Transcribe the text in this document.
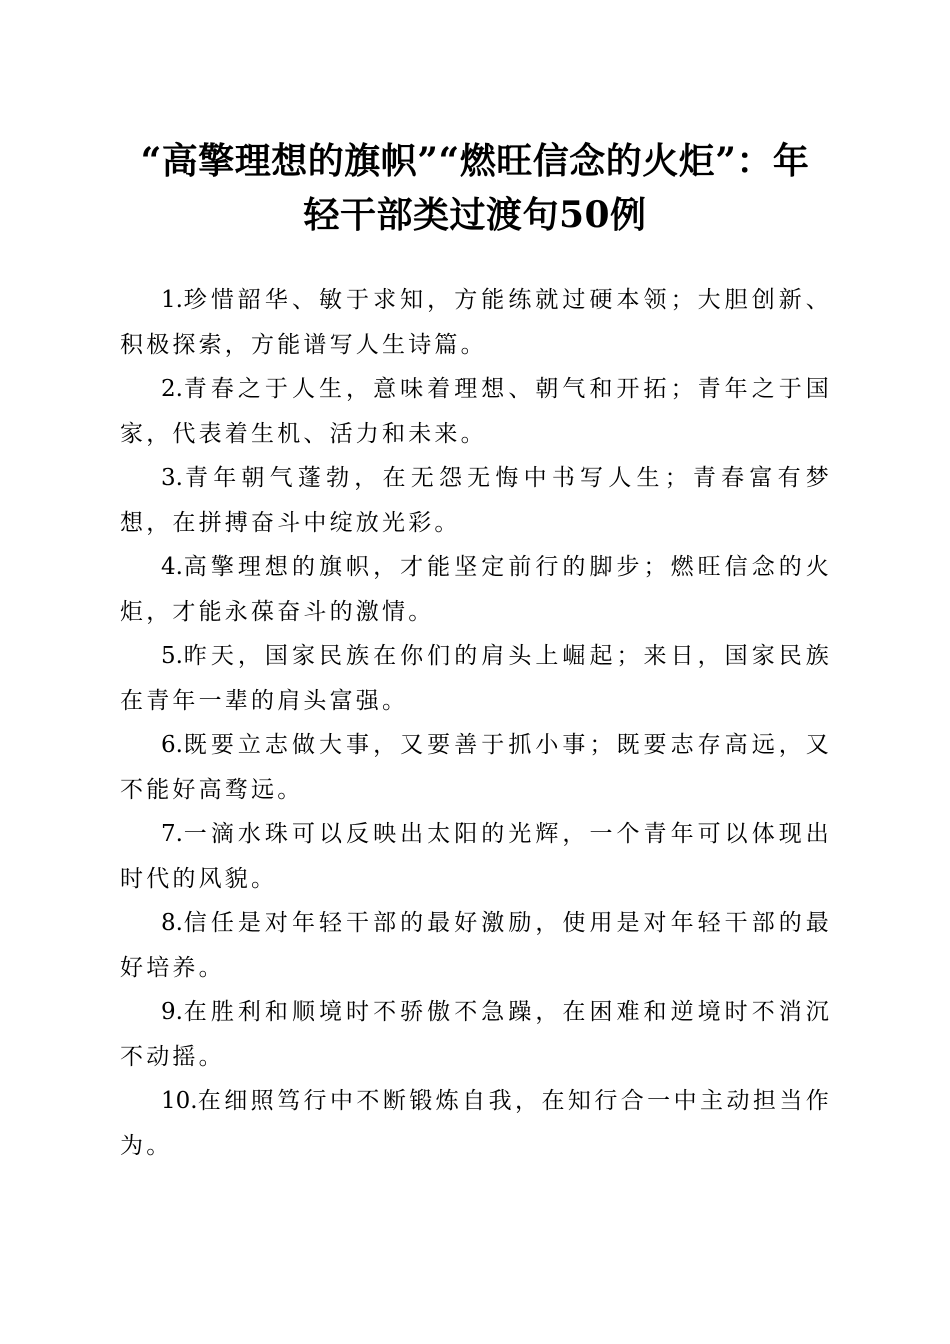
“高擎理想的旗帜”“燃旺信念的火炬”：年
轻干部类过渡句50例
1.珍惜韶华、敏于求知，方能练就过硬本领；大胆创新、积极探索，方能谱写人生诗篇。
2.青春之于人生，意味着理想、朝气和开拓；青年之于国家，代表着生机、活力和未来。
3.青年朝气蓬勃，在无怨无悔中书写人生；青春富有梦想，在拼搏奋斗中绽放光彩。
4.高擎理想的旗帜，才能坚定前行的脚步；燃旺信念的火炬，才能永葆奋斗的激情。
5.昨天，国家民族在你们的肩头上崛起；来日，国家民族在青年一辈的肩头富强。
6.既要立志做大事，又要善于抓小事；既要志存高远，又不能好高骛远。
7.一滴水珠可以反映出太阳的光辉，一个青年可以体现出时代的风貌。
8.信任是对年轻干部的最好激励，使用是对年轻干部的最好培养。
9.在胜利和顺境时不骄傲不急躁，在困难和逆境时不消沉不动摇。
10.在细照笃行中不断锻炼自我，在知行合一中主动担当作为。
